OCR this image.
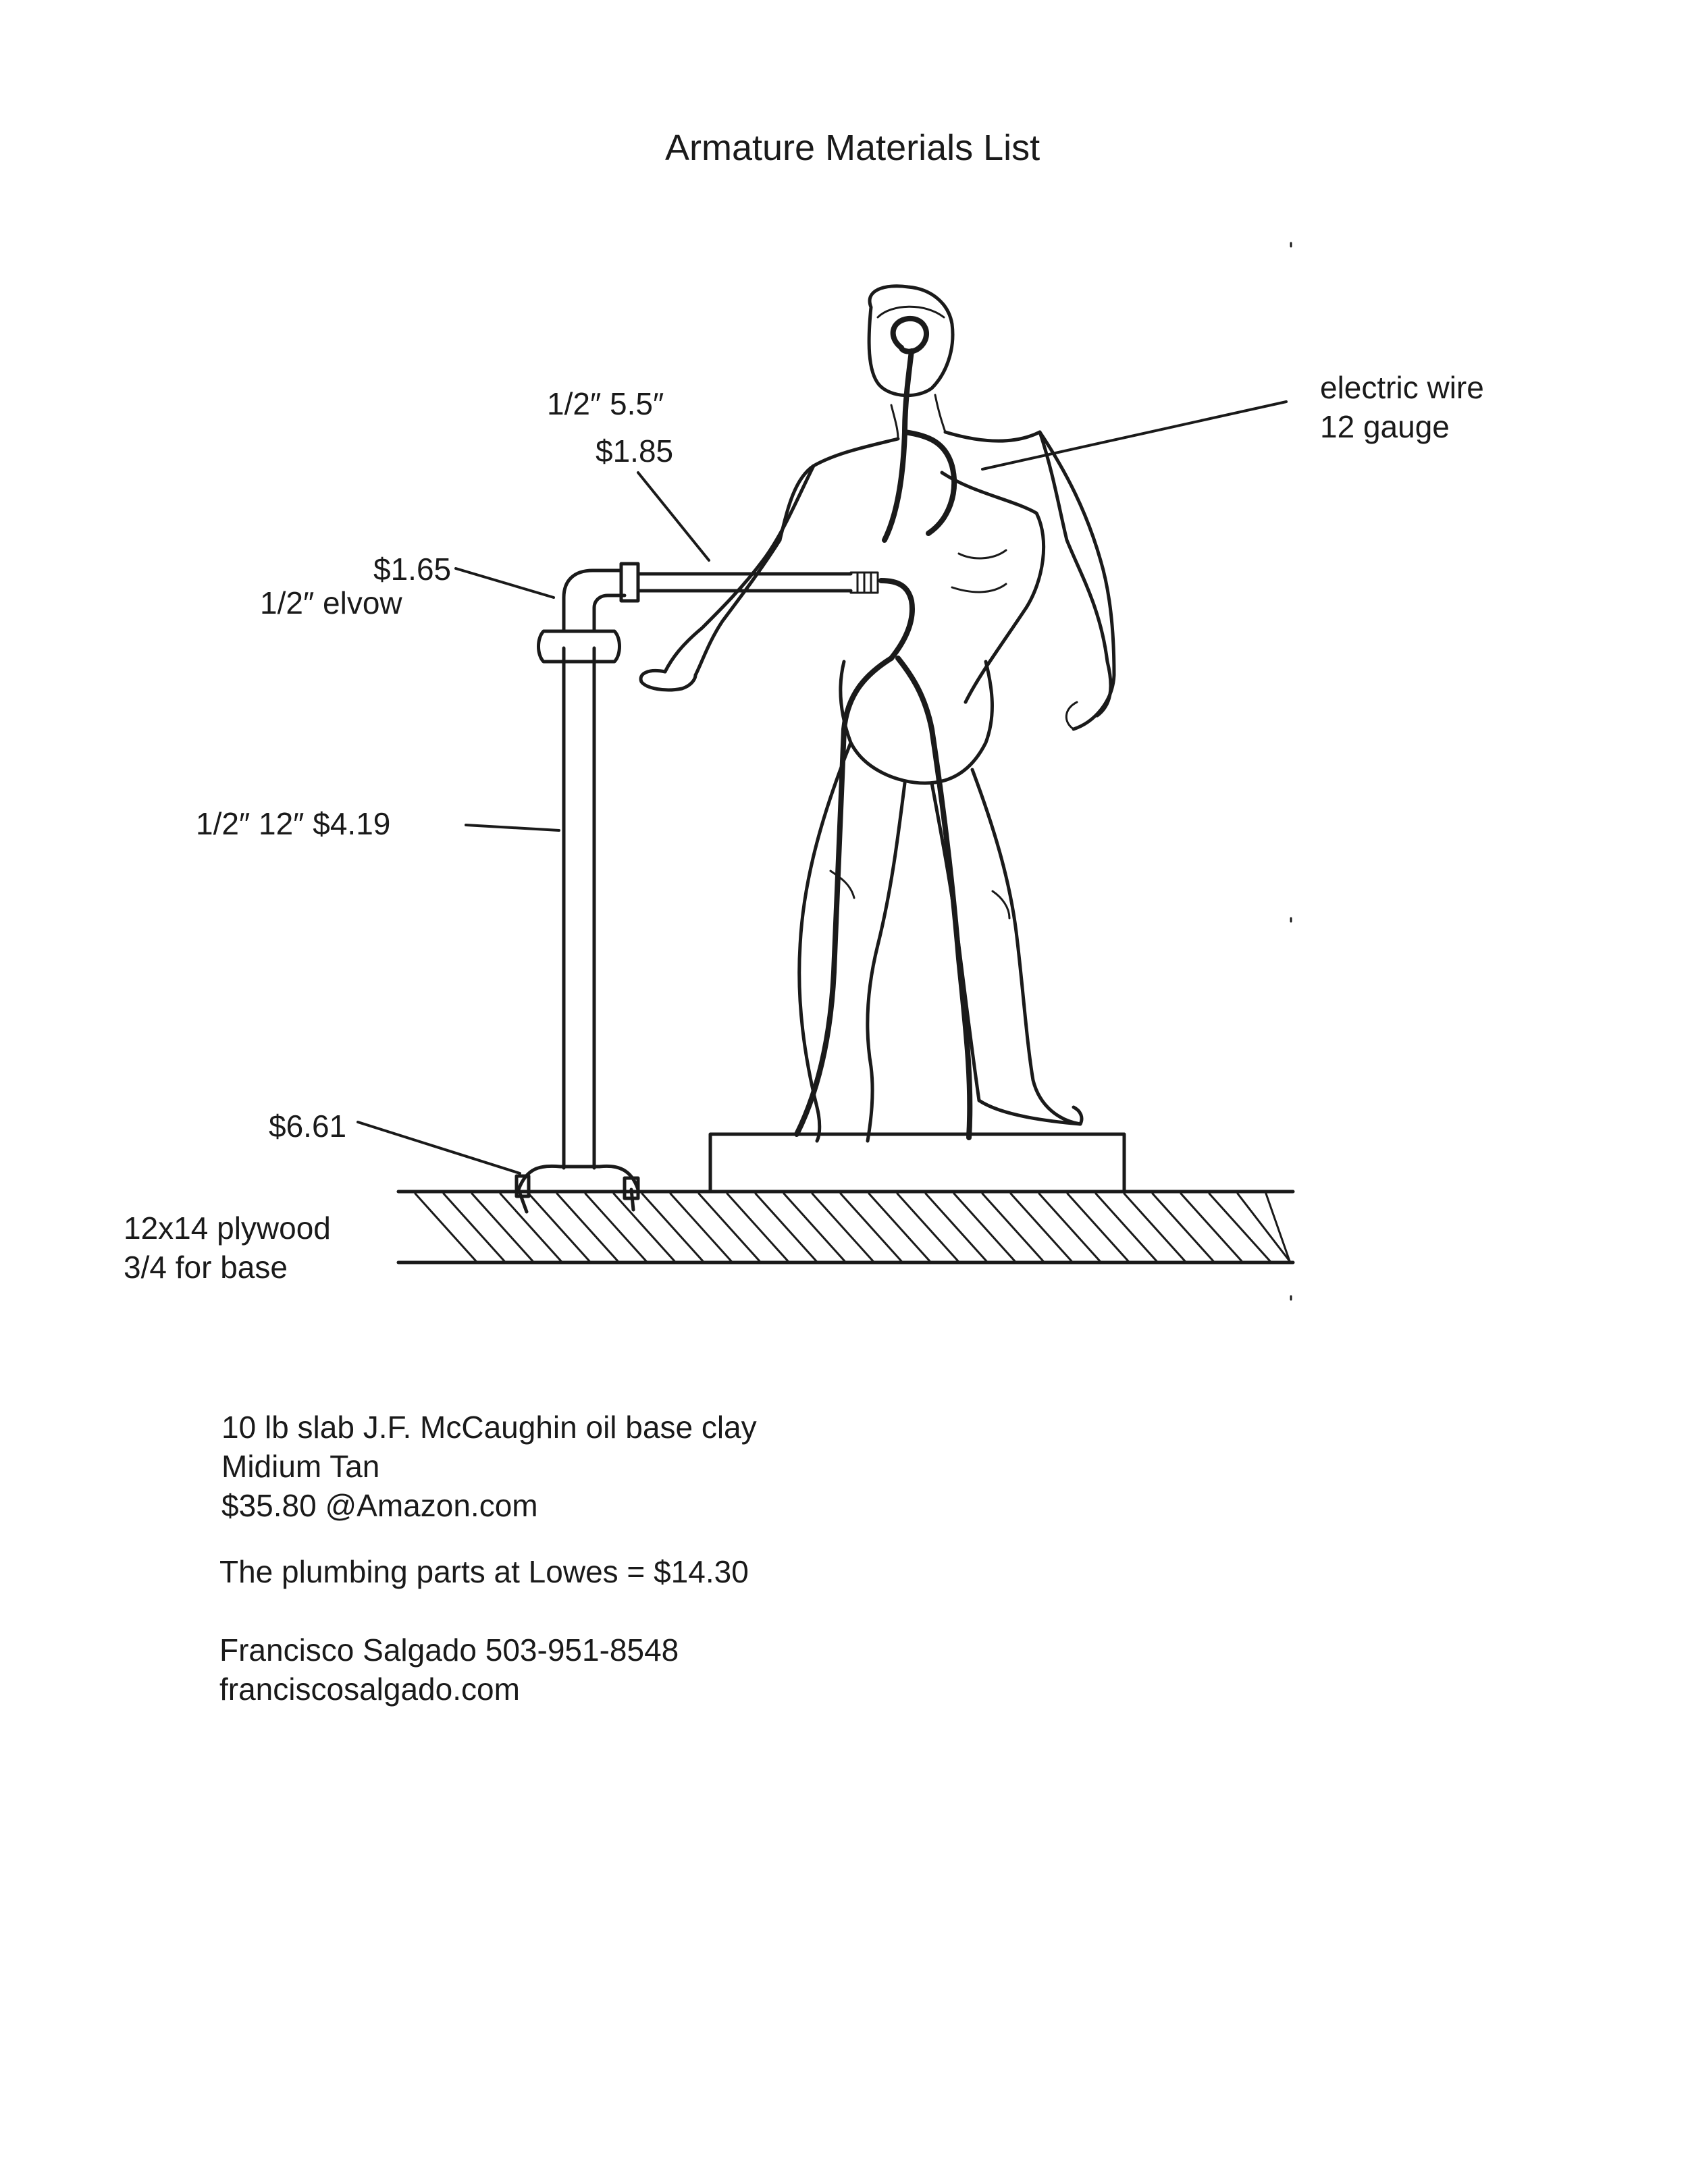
Armature Materials List
1/2″ 5.5″
$1.85
$1.65
1/2″ elvow
1/2″ 12″ $4.19
$6.61
12x14 plywood
3/4 for base
electric wire
12 gauge
10 lb slab J.F. McCaughin oil base clay
Midium Tan
$35.80 @Amazon.com
The plumbing parts at Lowes = $14.30
Francisco Salgado 503-951-8548
franciscosalgado.com
